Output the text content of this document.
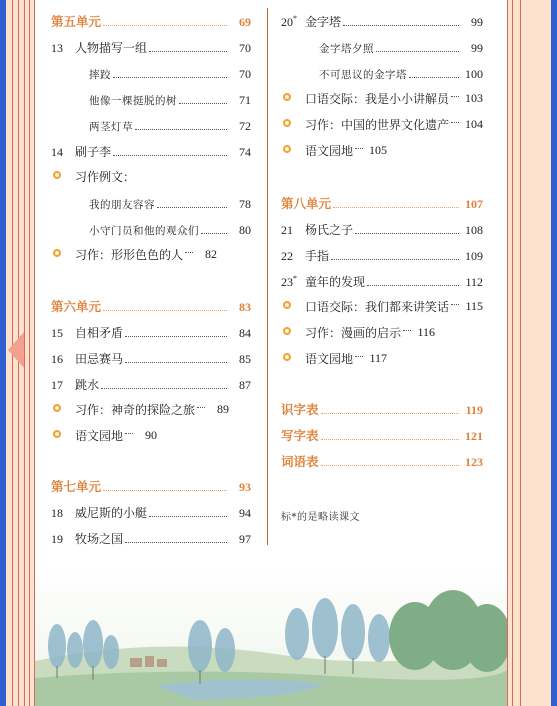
第五单元	69
13	人物描写一组	70
摔跤	70
他像一棵挺脱的树	71
两茎灯草	72
14	刷子李	74
习作例文：
我的朋友容容	78
小守门员和他的观众们	80
习作：形形色色的人	82
第六单元	83
15	自相矛盾	84
16	田忌赛马	85
17	跳水	87
习作：神奇的探险之旅	89
语文园地	90
第七单元	93
18	威尼斯的小艇	94
19	牧场之国	97
20* 金字塔	99
金字塔夕照	99
不可思议的金字塔	100
口语交际：我是小小讲解员	103
习作：中国的世界文化遗产	104
语文园地	105
第八单元	107
21	杨氏之子	108
22	手指	109
23* 童年的发现	112
口语交际：我们都来讲笑话	115
习作：漫画的启示	116
语文园地	117
识字表	119
写字表	121
词语表	123
标*的是略读课文
